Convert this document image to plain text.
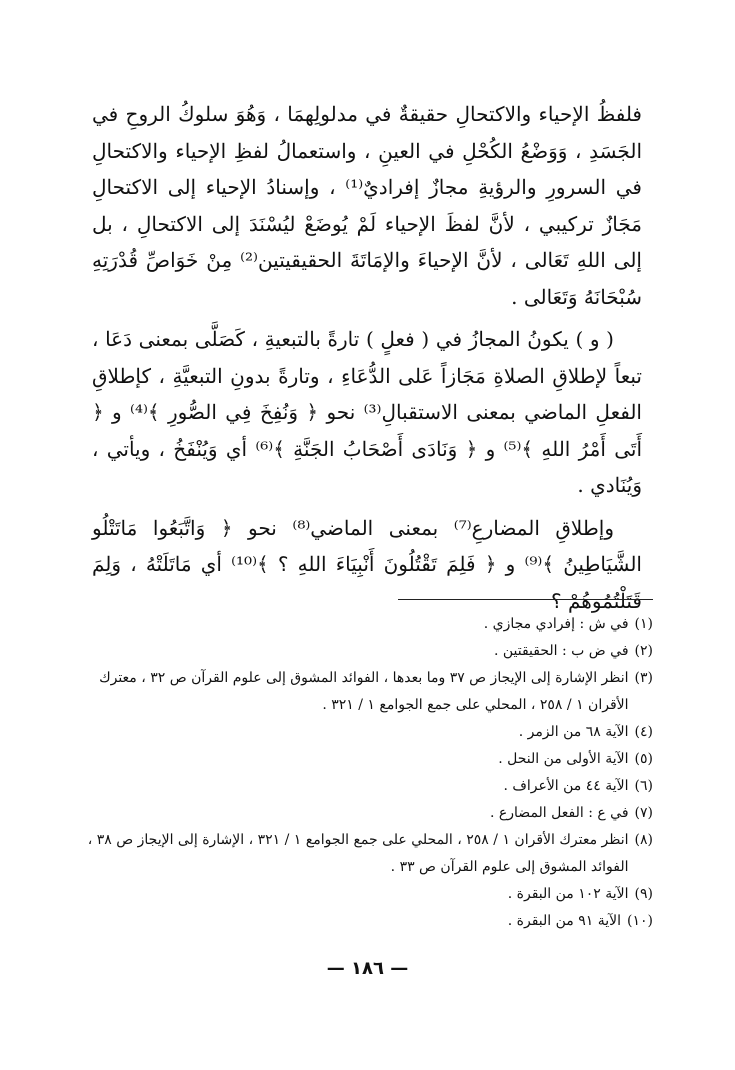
فلفظُ الإحياء والاكتحالِ حقيقةٌ في مدلولِهمَا ، وَهُوَ سلوكُ الروحِ في الجَسَدِ ، وَوَضْعُ الكُحْلِ في العينِ ، واستعمالُ لفظِ الإحياء والاكتحالِ في السرورِ والرؤيةِ مجازٌ إفراديٌ⁽¹⁾ ، وإسنادُ الإحياء إلى الاكتحالِ مَجَازٌ تركيبي ، لأنَّ لفظَ الإحياء لَمْ يُوضَعْ ليُسْنَدَ إلى الاكتحالِ ، بل إلى اللهِ تَعَالى ، لأنَّ الإحياءَ والإمَاتَةَ الحقيقيتين⁽²⁾ مِنْ خَوَاصِّ قُدْرَتِهِ سُبْحَانَهُ وَتَعَالى .

( و ) يكونُ المجازُ في ( فعلٍ ) تارةً بالتبعيةِ ، كَصَلَّى بمعنى دَعَا ، تبعاً لإطلاقِ الصلاةِ مَجَازاً عَلى الدُّعَاءِ ، وتارةً بدونِ التبعيَّةِ ، كإطلاقِ الفعلِ الماضي بمعنى الاستقبالِ⁽³⁾ نحو ﴿ وَنُفِخَ فِي الصُّورِ ﴾⁽⁴⁾ و ﴿ أَتَى أَمْرُ اللهِ ﴾⁽⁵⁾ و ﴿ وَنَادَى أَصْحَابُ الجَنَّةِ ﴾⁽⁶⁾ أي وَيُنْفَخُ ، ويأتي ، وَيُنَادي .

وإطلاقِ المضارعِ⁽⁷⁾ بمعنى الماضي⁽⁸⁾ نحو ﴿ وَاتَّبَعُوا مَاتَتْلُو الشَّيَاطِينُ ﴾⁽⁹⁾ و ﴿ فَلِمَ تَقْتُلُونَ أَنْبِيَاءَ اللهِ ؟ ﴾⁽¹⁰⁾ أي مَاتَلَتْهُ ، وَلِمَ قَتَلْتُمُوهُمْ ؟

(١)
في ش : إفرادي مجازي .
(٢)
في ض ب : الحقيقتين .
(٣)
انظر الإشارة إلى الإيجاز ص ٣٧ وما بعدها ، الفوائد المشوق إلى علوم القرآن ص ٣٢ ، معترك الأقران ١ / ٢٥٨ ، المحلي على جمع الجوامع ١ / ٣٢١ .
(٤)
الآية ٦٨ من الزمر .
(٥)
الآية الأولى من النحل .
(٦)
الآية ٤٤ من الأعراف .
(٧)
في ع : الفعل المضارع .
(٨)
انظر معترك الأقران ١ / ٢٥٨ ، المحلي على جمع الجوامع ١ / ٣٢١ ، الإشارة إلى الإيجاز ص ٣٨ ، الفوائد المشوق إلى علوم القرآن ص ٣٣ .
(٩)
الآية ١٠٢ من البقرة .
(١٠)
الآية ٩١ من البقرة .
— ١٨٦ —
